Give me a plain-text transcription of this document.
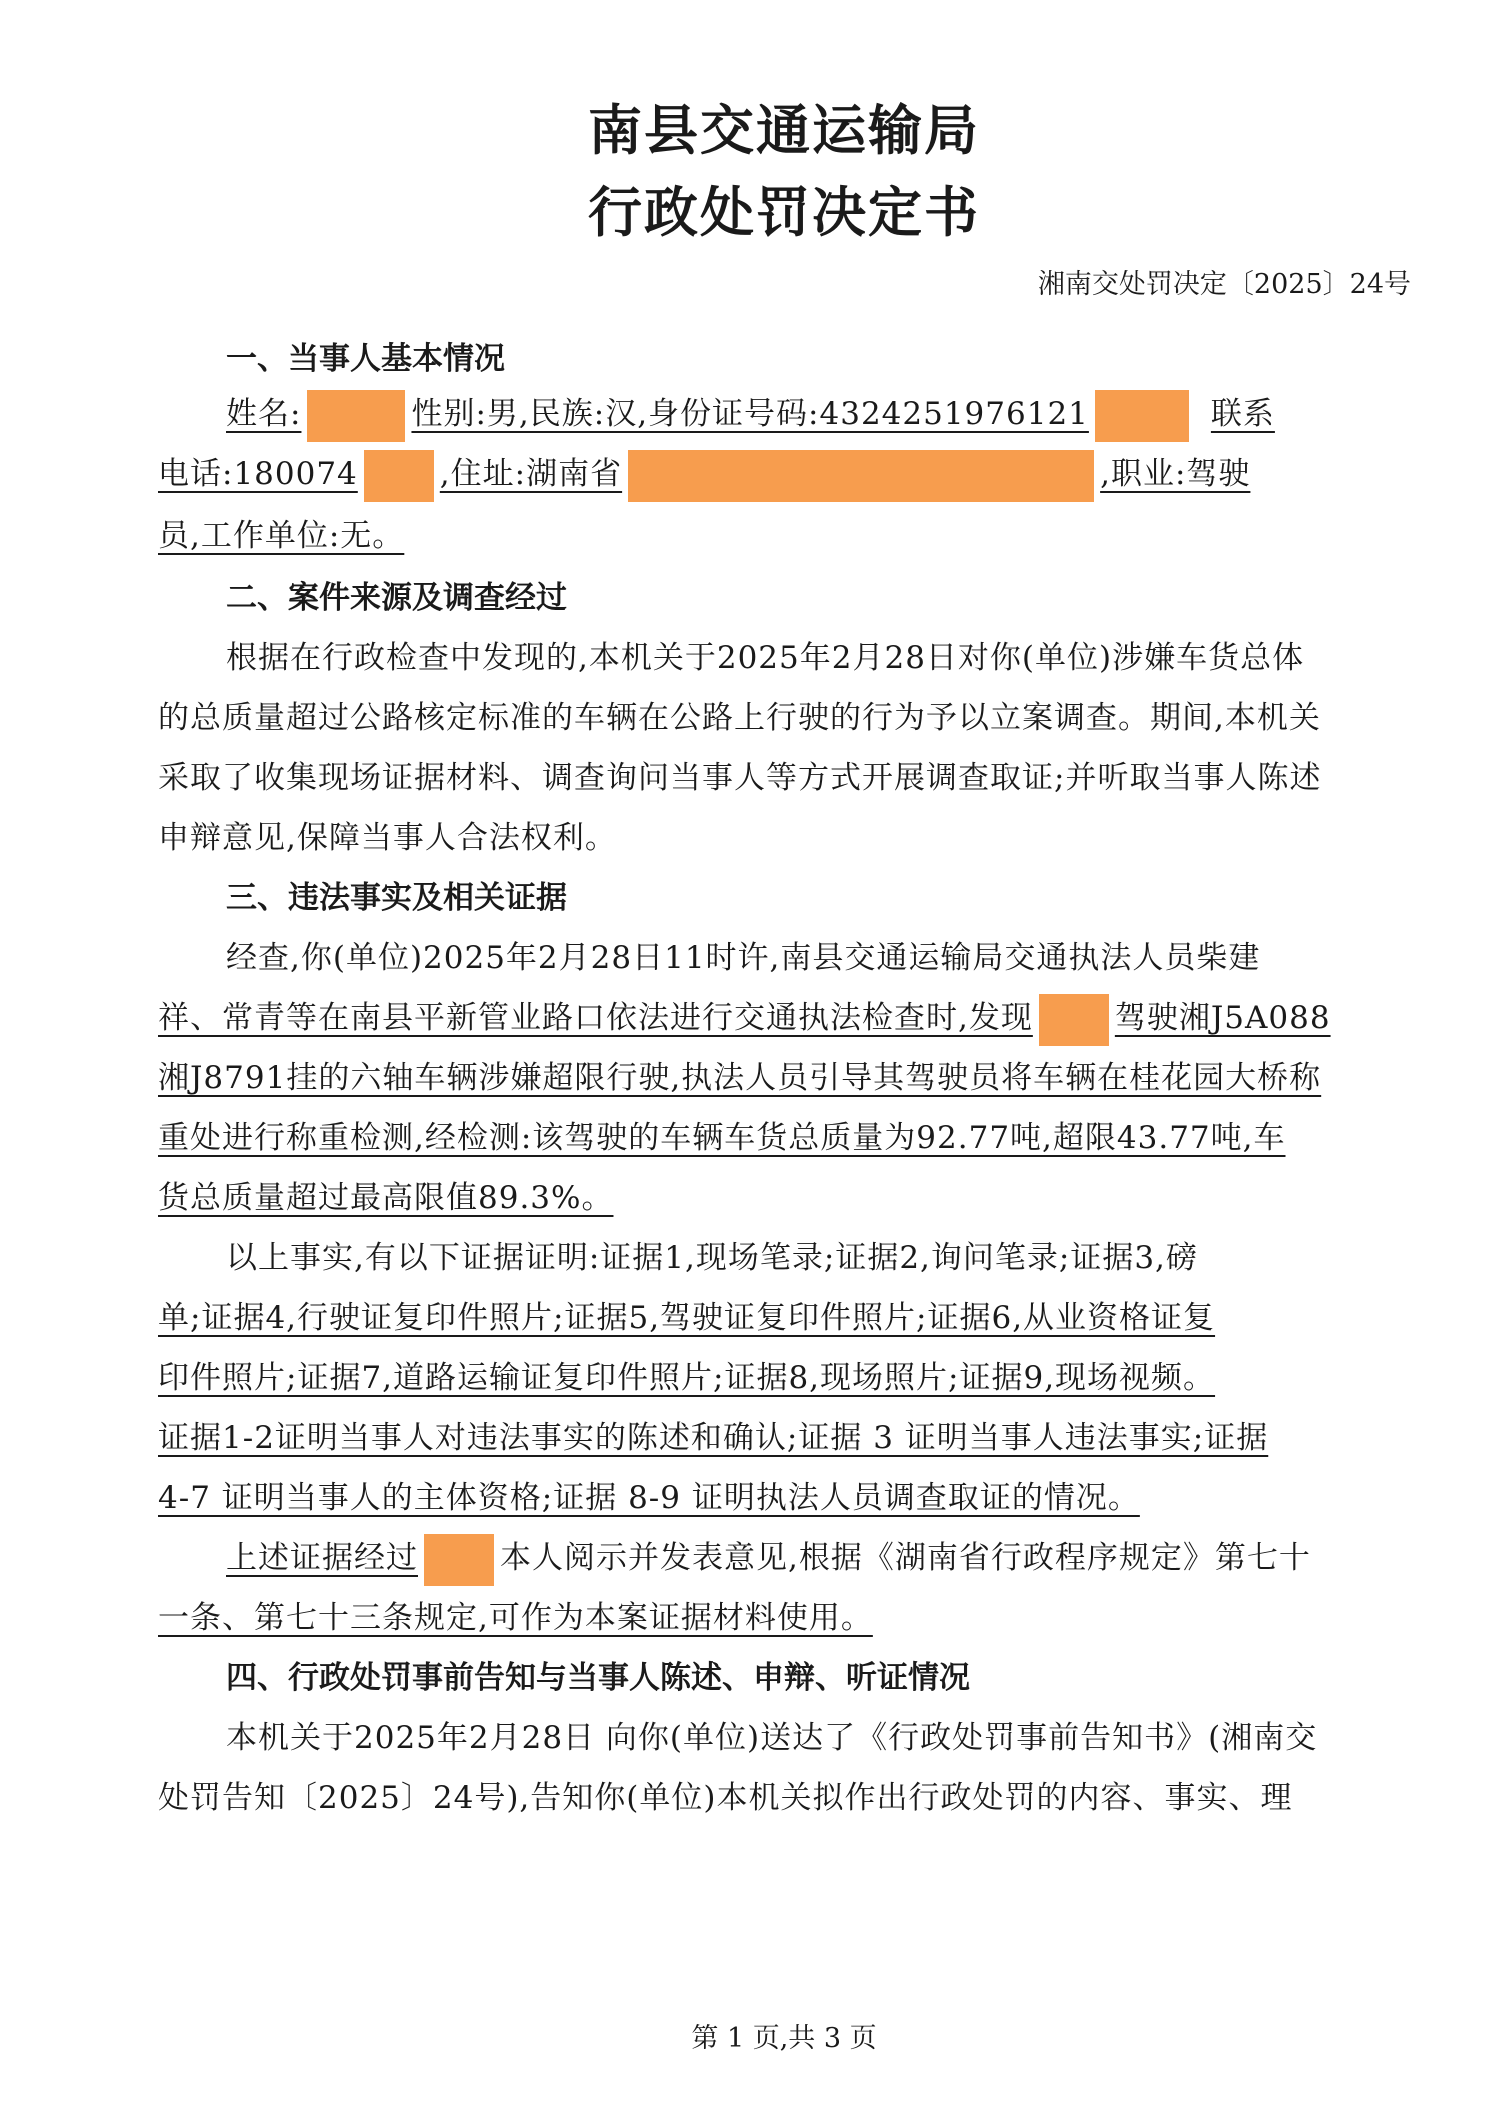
南县交通运输局
行政处罚决定书
湘南交处罚决定〔2025〕24号
一、当事人基本情况
姓名:	性别:男,民族:汉,身份证号码:4324251976121	联系
电话:180074	,住址:湖南省	,职业:驾驶
员,工作单位:无。
二、案件来源及调查经过
根据在行政检查中发现的,本机关于2025年2月28日对你(单位)涉嫌车货总体
的总质量超过公路核定标准的车辆在公路上行驶的行为予以立案调查。期间,本机关
采取了收集现场证据材料、调查询问当事人等方式开展调查取证;并听取当事人陈述
申辩意见,保障当事人合法权利。
三、违法事实及相关证据
经查,你(单位)2025年2月28日11时许,南县交通运输局交通执法人员柴建
祥、常青等在南县平新管业路口依法进行交通执法检查时,发现	驾驶湘J5A088
湘J8791挂的六轴车辆涉嫌超限行驶,执法人员引导其驾驶员将车辆在桂花园大桥称
重处进行称重检测,经检测:该驾驶的车辆车货总质量为92.77吨,超限43.77吨,车
货总质量超过最高限值89.3%。
以上事实,有以下证据证明:证据1,现场笔录;证据2,询问笔录;证据3,磅
单;证据4,行驶证复印件照片;证据5,驾驶证复印件照片;证据6,从业资格证复
印件照片;证据7,道路运输证复印件照片;证据8,现场照片;证据9,现场视频。
证据1-2证明当事人对违法事实的陈述和确认;证据 3 证明当事人违法事实;证据
4-7 证明当事人的主体资格;证据 8-9 证明执法人员调查取证的情况。
上述证据经过	本人阅示并发表意见,根据《湖南省行政程序规定》第七十
一条、第七十三条规定,可作为本案证据材料使用。
四、行政处罚事前告知与当事人陈述、申辩、听证情况
本机关于2025年2月28日 向你(单位)送达了《行政处罚事前告知书》(湘南交
处罚告知〔2025〕24号),告知你(单位)本机关拟作出行政处罚的内容、事实、理
第 1 页,共 3 页
